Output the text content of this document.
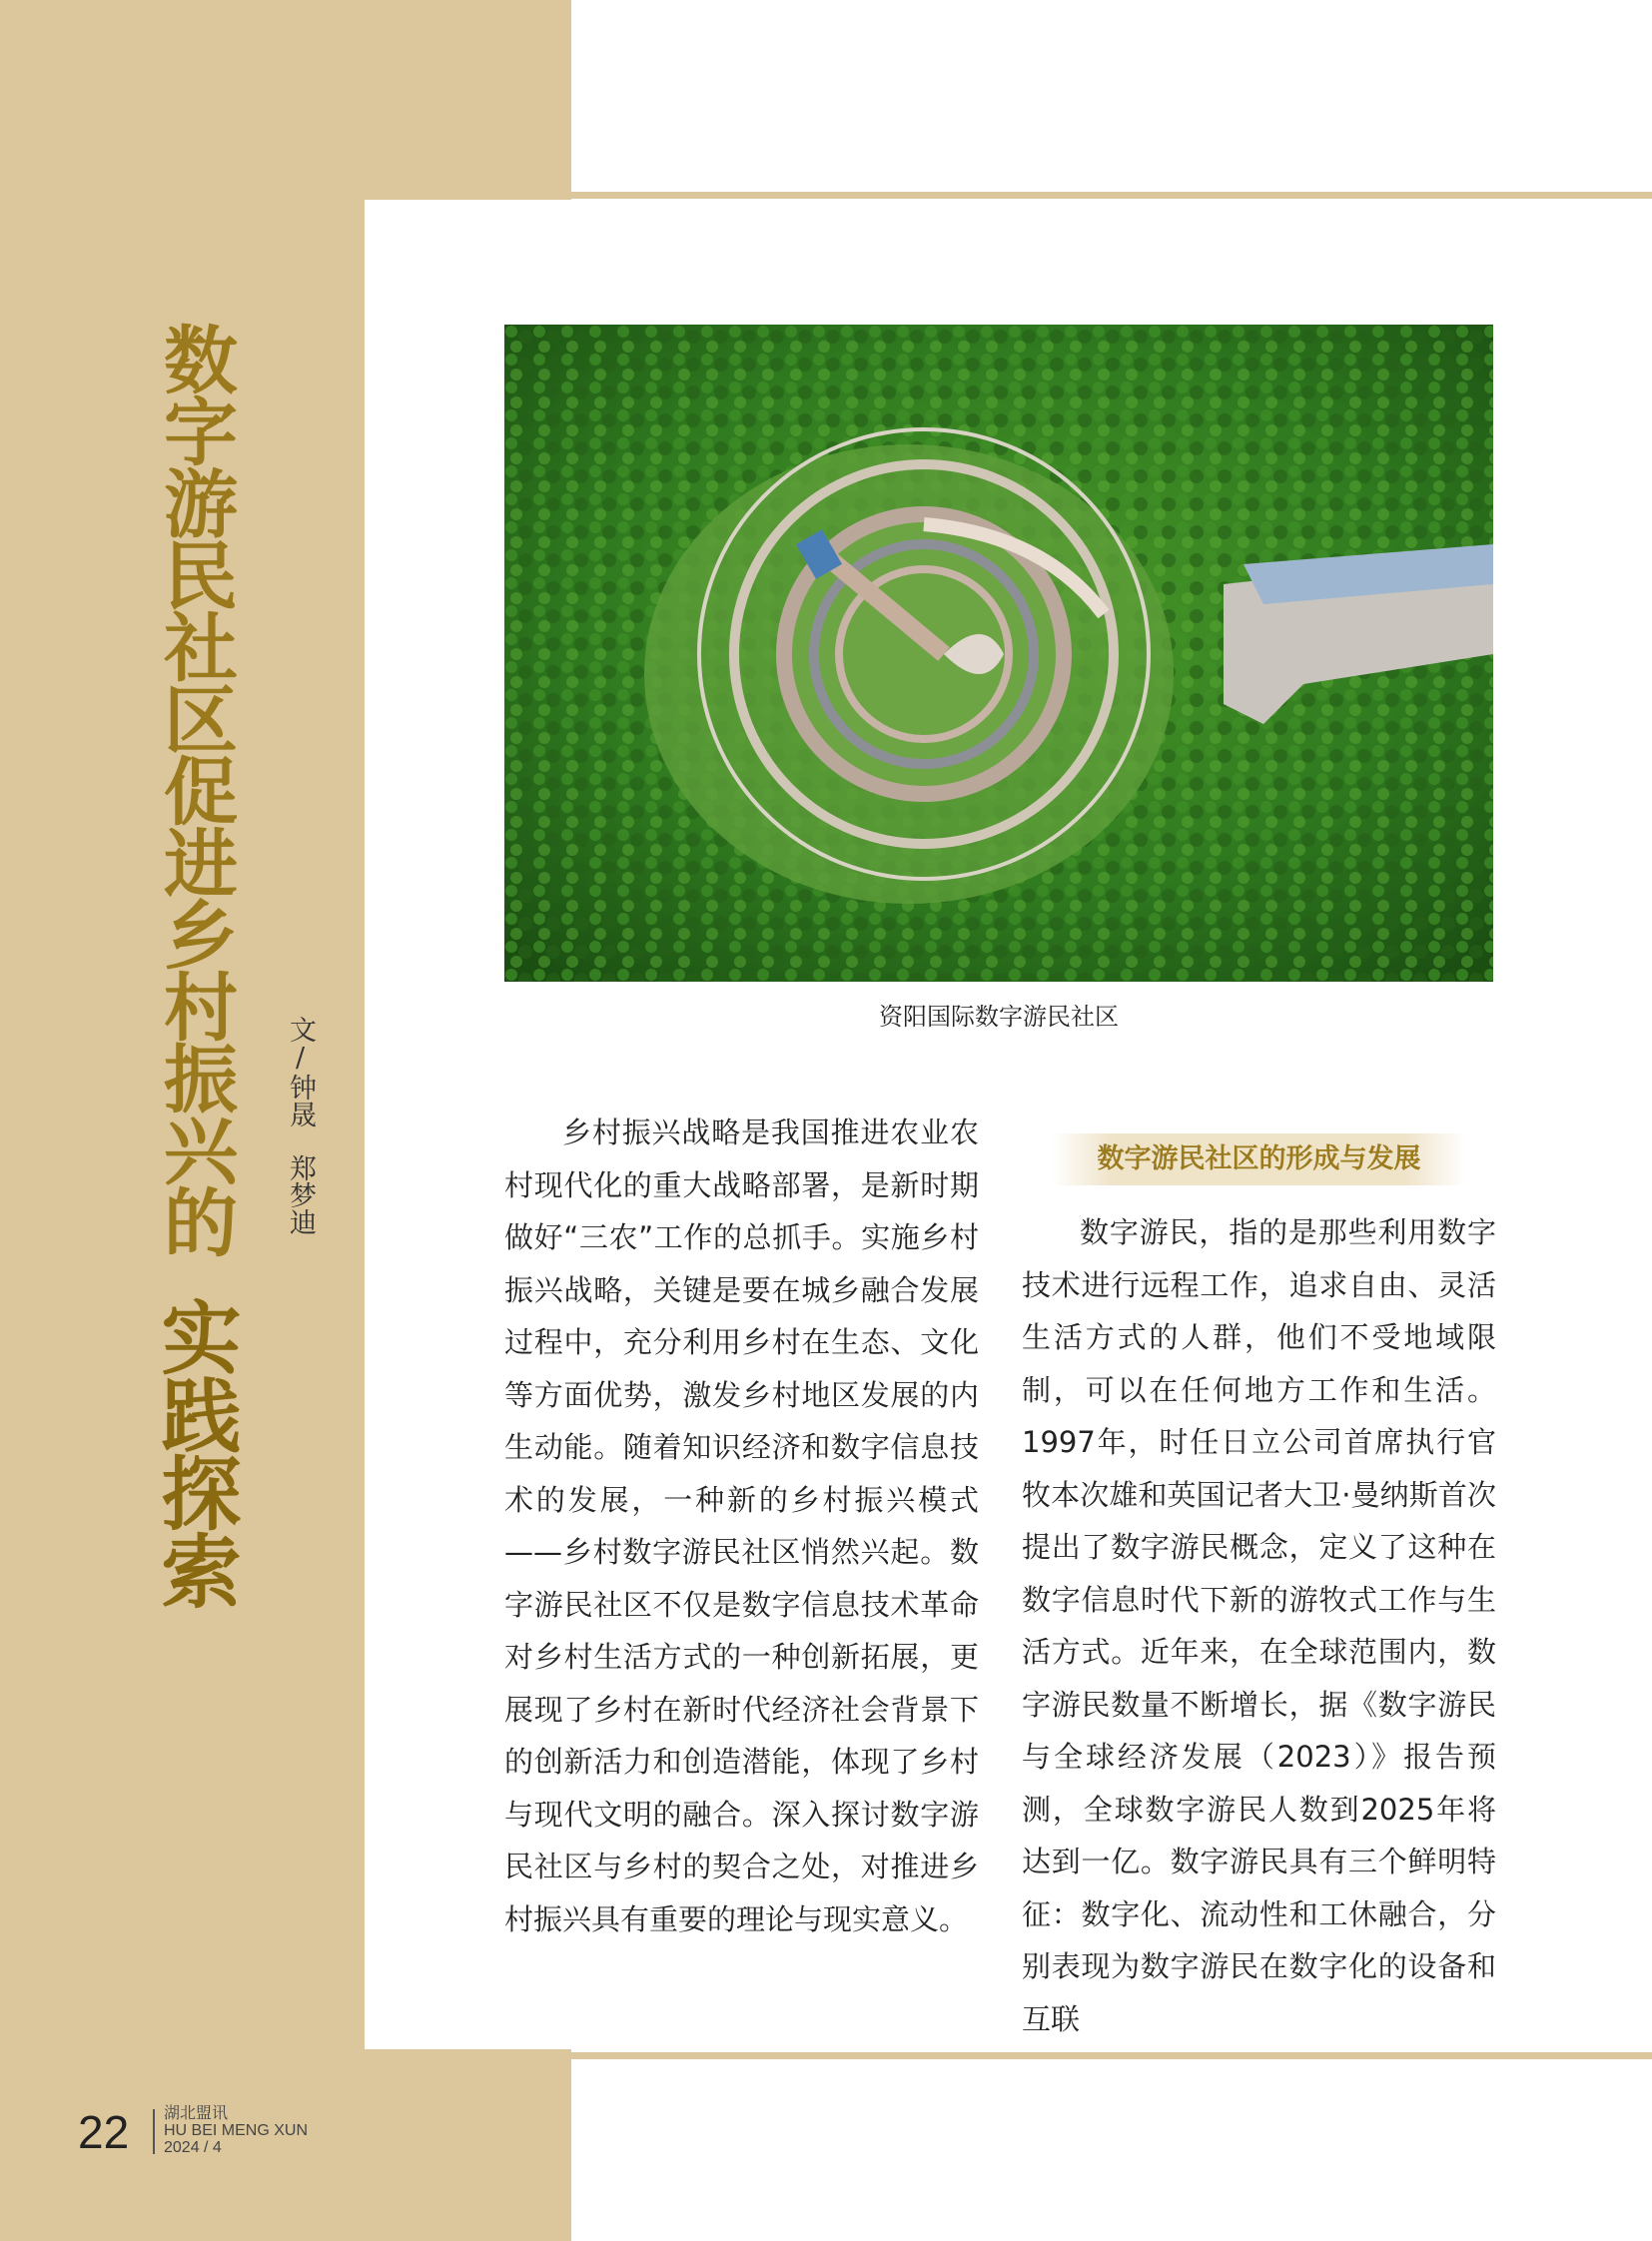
数字游民社区促进乡村振兴的实践探索
文/钟晟　郑梦迪	资阳国际数字游民社区

乡村振兴战略是我国推进农业农村现代化的重大战略部署，是新时期做好“三农”工作的总抓手。实施乡村振兴战略，关键是要在城乡融合发展过程中，充分利用乡村在生态、文化等方面优势，激发乡村地区发展的内生动能。随着知识经济和数字信息技术的发展，一种新的乡村振兴模式——乡村数字游民社区悄然兴起。数字游民社区不仅是数字信息技术革命对乡村生活方式的一种创新拓展，更展现了乡村在新时代经济社会背景下的创新活力和创造潜能，体现了乡村与现代文明的融合。深入探讨数字游民社区与乡村的契合之处，对推进乡村振兴具有重要的理论与现实意义。

数字游民社区的形成与发展

数字游民，指的是那些利用数字技术进行远程工作，追求自由、灵活生活方式的人群，他们不受地域限制，可以在任何地方工作和生活。1997年，时任日立公司首席执行官牧本次雄和英国记者大卫·曼纳斯首次提出了数字游民概念，定义了这种在数字信息时代下新的游牧式工作与生活方式。近年来，在全球范围内，数字游民数量不断增长，据《数字游民与全球经济发展（2023）》报告预测，全球数字游民人数到2025年将达到一亿。数字游民具有三个鲜明特征：数字化、流动性和工休融合，分别表现为数字游民在数字化的设备和互联

22 湖北盟讯
HU BEI MENG XUN
2024 / 4
